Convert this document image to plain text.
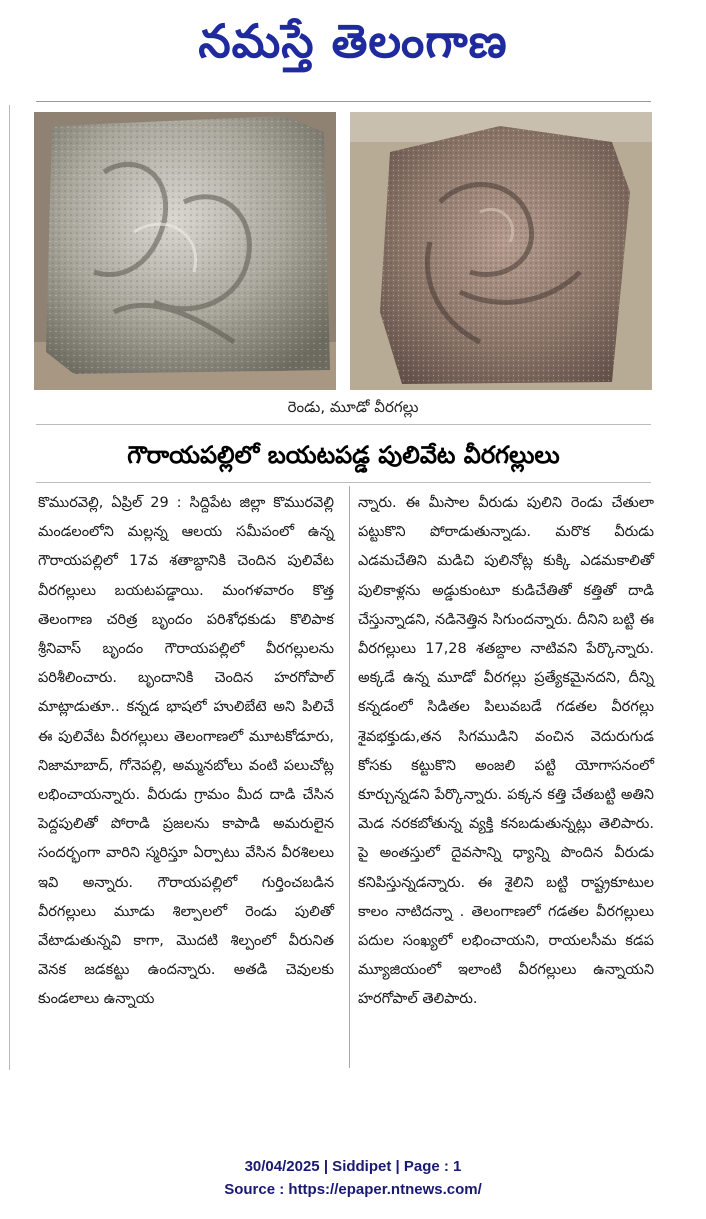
నమస్తే తెలంగాణ
రెండు, మూడో వీరగల్లు
గౌరాయపల్లిలో బయటపడ్డ పులివేట వీరగల్లులు
కొమురవెల్లి, ఏప్రిల్ 29 : సిద్దిపేట జిల్లా కొమురవెల్లి మండలంలోని మల్లన్న ఆలయ సమీపంలో ఉన్న గౌరాయపల్లిలో 17వ శతాబ్దానికి చెందిన పులివేట వీరగల్లులు బయటపడ్డాయి. మంగళవారం కొత్త తెలంగాణ చరిత్ర బృందం పరిశోధకుడు కొలిపాక శ్రీనివాస్ బృందం గౌరాయపల్లిలో వీరగల్లులను పరిశీలించారు. బృందానికి చెందిన హరగోపాల్ మాట్లాడుతూ.. కన్నడ భాషలో హులిబేటె అని పిలిచే ఈ పులివేట వీరగల్లులు తెలంగాణలో మూటకోడూరు, నిజామాబాద్, గోనెపల్లి, అమ్మనబోలు వంటి పలుచోట్ల లభించాయన్నారు. వీరుడు గ్రామం మీద దాడి చేసిన పెద్దపులితో పోరాడి ప్రజలను కాపాడి అమరులైన సందర్భంగా వారిని స్మరిస్తూ ఏర్పాటు వేసిన వీరశిలలు ఇవి అన్నారు. గౌరాయపల్లిలో గుర్తించబడిన వీరగల్లులు మూడు శిల్పాలలో రెండు పులితో వేటాడుతున్నవి కాగా, మొదటి శిల్పంలో వీరునిత వెనక జడకట్టు ఉందన్నారు. అతడి చెవులకు కుండలాలు ఉన్నాయ
న్నారు. ఈ మీసాల వీరుడు పులిని రెండు చేతులా పట్టుకొని పోరాడుతున్నాడు. మరొక వీరుడు ఎడమచేతిని మడిచి పులినోట్ల కుక్కి ఎడమకాలితో పులికాళ్లను అడ్డుకుంటూ కుడిచేతితో కత్తితో దాడి చేస్తున్నాడని, నడినెత్తిన సిగుందన్నారు. దీనిని బట్టి ఈ వీరగల్లులు 17,28 శతబ్దాల నాటివని పేర్కొన్నారు. అక్కడే ఉన్న మూడో వీరగల్లు ప్రత్యేకమైనదని, దీన్ని కన్నడంలో సిడితల పిలువబడే గడతల వీరగల్లు శైవభక్తుడు,తన సిగముడిని వంచిన వెదురుగుడ కోసకు కట్టుకొని అంజలి పట్టి యోగాసనంలో కూర్చున్నడని పేర్కొన్నారు. పక్కన కత్తి చేతబట్టి అతిని మెడ నరకబోతున్న వ్యక్తి కనబడుతున్నట్లు తెలిపారు. పై అంతస్తులో దైవసాన్ని ధ్యాన్ని పొందిన వీరుడు కనిపిస్తున్నడన్నారు. ఈ శైలిని బట్టి రాష్ట్రకూటుల కాలం నాటిదన్నా . తెలంగాణలో గడతల వీరగల్లులు పదుల సంఖ్యలో లభించాయని, రాయలసీమ కడప మ్యూజియంలో ఇలాంటి వీరగల్లులు ఉన్నాయని హరగోపాల్ తెలిపారు.
30/04/2025 | Siddipet | Page : 1
Source : https://epaper.ntnews.com/
